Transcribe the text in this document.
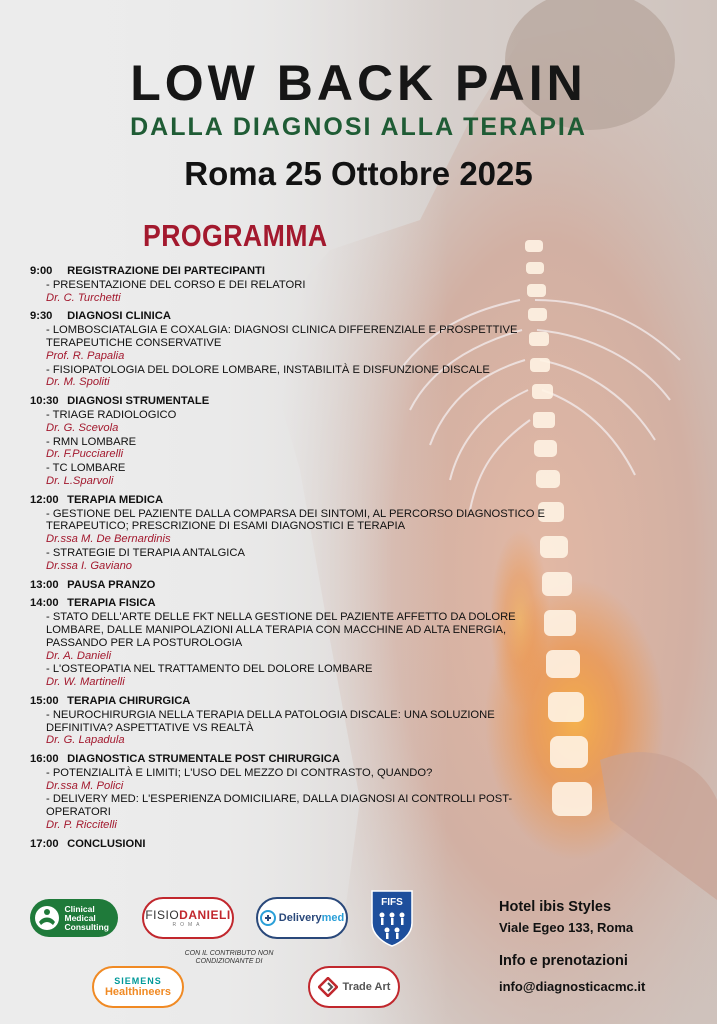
LOW BACK PAIN
DALLA DIAGNOSI ALLA TERAPIA
Roma 25 Ottobre 2025
PROGRAMMA
9:00 REGISTRAZIONE DEI PARTECIPANTI
- PRESENTAZIONE DEL CORSO E DEI RELATORI
Dr. C. Turchetti
9:30 DIAGNOSI CLINICA
- LOMBOSCIATALGIA E COXALGIA: DIAGNOSI CLINICA DIFFERENZIALE E PROSPETTIVE TERAPEUTICHE CONSERVATIVE
Prof. R. Papalia
- FISIOPATOLOGIA DEL DOLORE LOMBARE, INSTABILITÀ E DISFUNZIONE DISCALE
Dr. M. Spoliti
10:30 DIAGNOSI STRUMENTALE
- TRIAGE RADIOLOGICO
Dr. G. Scevola
- RMN LOMBARE
Dr. F.Pucciarelli
- TC LOMBARE
Dr. L.Sparvoli
12:00 TERAPIA MEDICA
- GESTIONE DEL PAZIENTE DALLA COMPARSA DEI SINTOMI, AL PERCORSO DIAGNOSTICO E TERAPEUTICO; PRESCRIZIONE DI ESAMI DIAGNOSTICI E TERAPIA
Dr.ssa M. De Bernardinis
- STRATEGIE DI TERAPIA ANTALGICA
Dr.ssa I. Gaviano
13:00 PAUSA PRANZO
14:00 TERAPIA FISICA
- STATO DELL'ARTE DELLE FKT NELLA GESTIONE DEL PAZIENTE AFFETTO DA DOLORE LOMBARE, DALLE MANIPOLAZIONI ALLA TERAPIA CON MACCHINE AD ALTA ENERGIA, PASSANDO PER LA POSTUROLOGIA
Dr. A. Danieli
- L'OSTEOPATIA NEL TRATTAMENTO DEL DOLORE LOMBARE
Dr. W. Martinelli
15:00 TERAPIA CHIRURGICA
- NEUROCHIRURGIA NELLA TERAPIA DELLA PATOLOGIA DISCALE: UNA SOLUZIONE DEFINITIVA? ASPETTATIVE VS REALTÀ
Dr. G. Lapadula
16:00 DIAGNOSTICA STRUMENTALE POST CHIRURGICA
- POTENZIALITÀ E LIMITI; L'USO DEL MEZZO DI CONTRASTO, QUANDO?
Dr.ssa M. Polici
- DELIVERY MED: L'ESPERIENZA DOMICILIARE, DALLA DIAGNOSI AI CONTROLLI POST-OPERATORI
Dr. P. Riccitelli
17:00 CONCLUSIONI
Clinical Medical Consulting
FISIODANIELI
ROMA
Deliverymed
FIFS
CON IL CONTRIBUTO NON CONDIZIONANTE DI
SIEMENS
Healthineers	Trade Art
Hotel ibis Styles
Viale Egeo 133, Roma
Info e prenotazioni
info@diagnosticacmc.it
